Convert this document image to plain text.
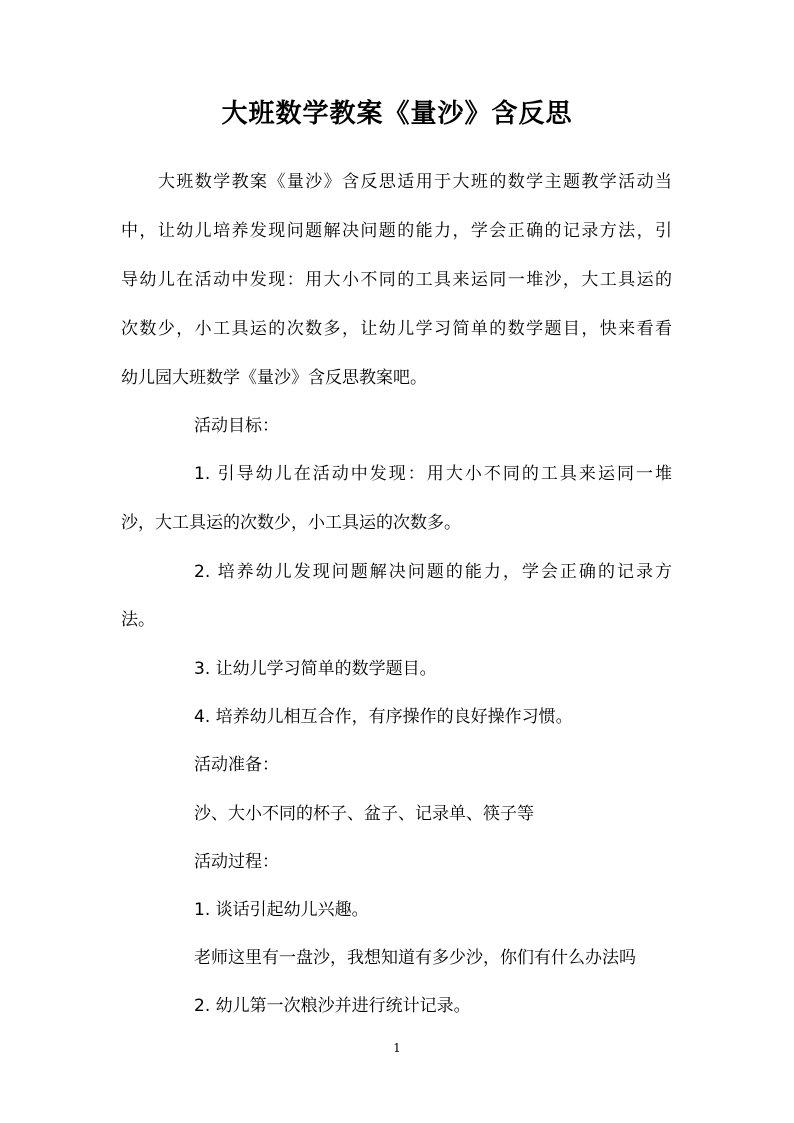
大班数学教案《量沙》含反思
大班数学教案《量沙》含反思适用于大班的数学主题教学活动当
中，让幼儿培养发现问题解决问题的能力，学会正确的记录方法，引
导幼儿在活动中发现：用大小不同的工具来运同一堆沙，大工具运的
次数少，小工具运的次数多，让幼儿学习简单的数学题目，快来看看
幼儿园大班数学《量沙》含反思教案吧。
活动目标：
1. 引导幼儿在活动中发现：用大小不同的工具来运同一堆
沙，大工具运的次数少，小工具运的次数多。
2. 培养幼儿发现问题解决问题的能力，学会正确的记录方
法。
3. 让幼儿学习简单的数学题目。
4. 培养幼儿相互合作，有序操作的良好操作习惯。
活动准备：
沙、大小不同的杯子、盆子、记录单、筷子等
活动过程：
1. 谈话引起幼儿兴趣。
老师这里有一盘沙，我想知道有多少沙，你们有什么办法吗
2. 幼儿第一次粮沙并进行统计记录。
1
